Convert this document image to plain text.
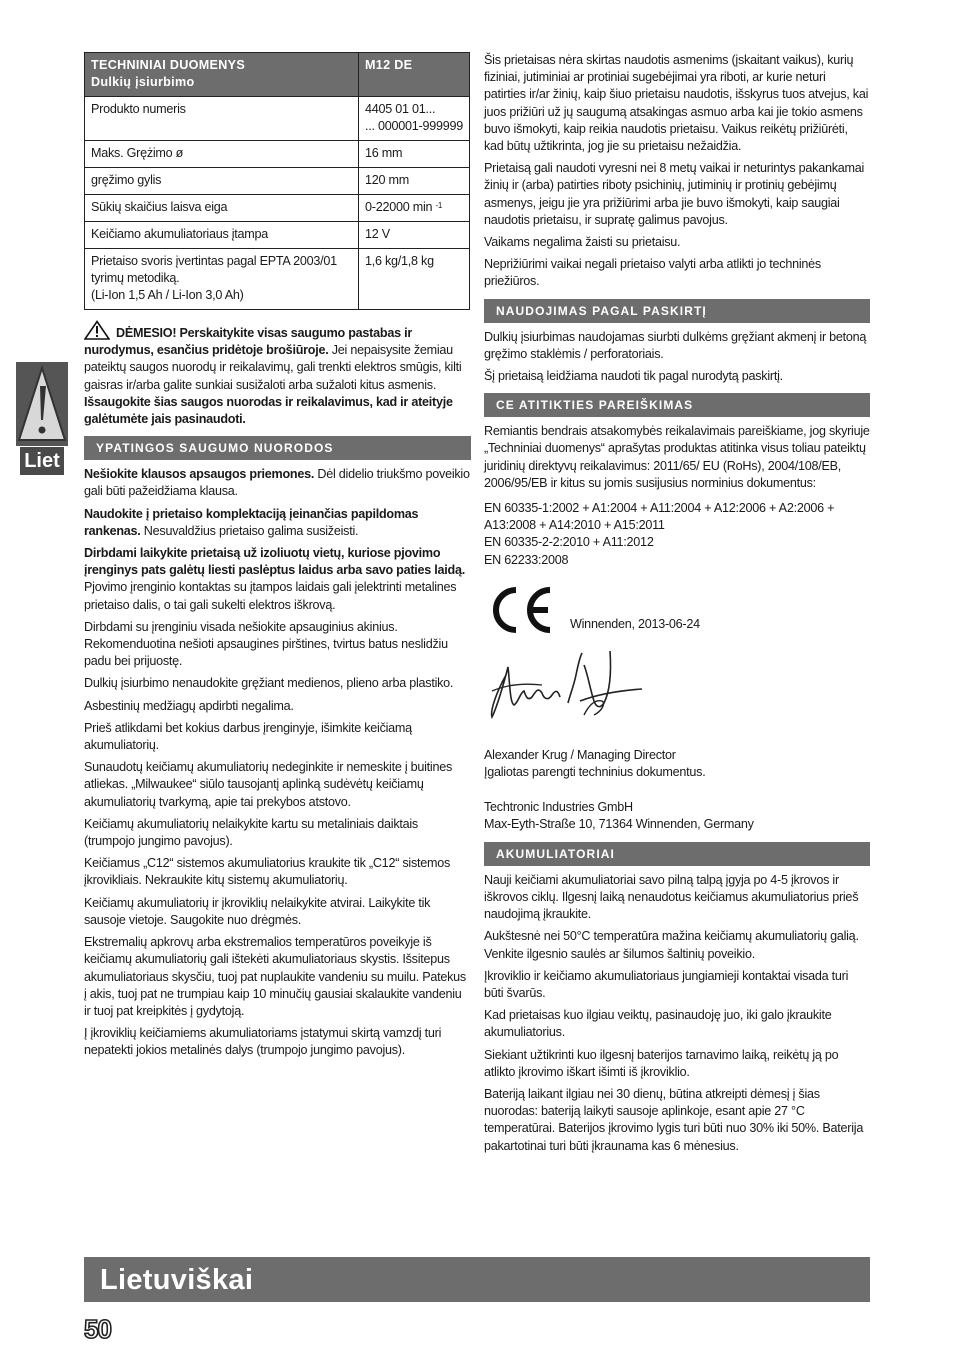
Liet
TECHNINIAI DUOMENYS
Dulkių įsiurbimo	M12 DE
Produkto numeris	4405 01 01...
... 000001-999999

Maks. Grężimo ø	16 mm
gręžimo gylis	120 mm
Sūkių skaičius laisva eiga	0-22000 min $^{-1}$
Keičiamo akumuliatoriaus įtampa	12 V

Prietaiso svoris įvertintas pagal EPTA 2003/01
tyrimų metodiką.
(Li-Ion 1,5 Ah / Li-Ion 3,0 Ah)	1,6 kg/1,8 kg

DĖMESIO! Perskaitykite visas saugumo pastabas ir nurodymus, esančius pridėtoje brošiūroje. Jei nepaisysite žemiau pateiktų saugos nuorodų ir reikalavimų, gali trenkti elektros smūgis, kilti gaisras ir/arba galite sunkiai susižaloti arba sužaloti kitus asmenis. Išsaugokite šias saugos nuorodas ir reikalavimus, kad ir ateityje galėtumėte jais pasinaudoti.

YPATINGOS SAUGUMO NUORODOS

Nešiokite klausos apsaugos priemones. Dėl didelio triukšmo poveikio gali būti pažeidžiama klausa.

Naudokite į prietaiso komplektaciją įeinančias papildomas rankenas. Nesuvaldžius prietaiso galima susižeisti.

Dirbdami laikykite prietaisą už izoliuotų vietų, kuriose pjovimo įrenginys pats galėtų liesti paslėptus laidus arba savo paties laidą. Pjovimo įrenginio kontaktas su įtampos laidais gali įelektrinti metalines prietaiso dalis, o tai gali sukelti elektros iškrovą.

Dirbdami su įrenginiu visada nešiokite apsauginius akinius. Rekomenduotina nešioti apsaugines pirštines, tvirtus batus neslidžiu padu bei prijuostę.

Dulkių įsiurbimo nenaudokite gręžiant medienos, plieno arba plastiko.

Asbestinių medžiagų apdirbti negalima.

Prieš atlikdami bet kokius darbus įrenginyje, išimkite keičiamą akumuliatorių.

Sunaudotų keičiamų akumuliatorių nedeginkite ir nemeskite į buitines atliekas. „Milwaukee“ siūlo tausojantį aplinką sudėvėtų keičiamų akumuliatorių tvarkymą, apie tai prekybos atstovo.

Keičiamų akumuliatorių nelaikykite kartu su metaliniais daiktais (trumpojo jungimo pavojus).

Keičiamus „C12“ sistemos akumuliatorius kraukite tik „C12“ sistemos įkrovikliais. Nekraukite kitų sistemų akumuliatorių.

Keičiamų akumuliatorių ir įkroviklių nelaikykite atvirai. Laikykite tik sausoje vietoje. Saugokite nuo drėgmės.

Ekstremalių apkrovų arba ekstremalios temperatūros poveikyje iš keičiamų akumuliatorių gali ištekėti akumuliatoriaus skystis. Išsitepus akumuliatoriaus skysčiu, tuoj pat nuplaukite vandeniu su muilu. Patekus į akis, tuoj pat ne trumpiau kaip 10 minučių gausiai skalaukite vandeniu ir tuoj pat kreipkitės į gydytoją.

Į įkroviklių keičiamiems akumuliatoriams įstatymui skirtą vamzdį turi nepatekti jokios metalinės dalys (trumpojo jungimo pavojus).

Šis prietaisas nėra skirtas naudotis asmenims (įskaitant vaikus), kurių fiziniai, jutiminiai ar protiniai sugebėjimai yra riboti, ar kurie neturi patirties ir/ar žinių, kaip šiuo prietaisu naudotis, išskyrus tuos atvejus, kai juos prižiūri už jų saugumą atsakingas asmuo arba kai jie tokio asmens buvo išmokyti, kaip reikia naudotis prietaisu. Vaikus reikėtų prižiūrėti, kad būtų užtikrinta, jog jie su prietaisu nežaidžia.

Prietaisą gali naudoti vyresni nei 8 metų vaikai ir neturintys pakankamai žinių ir (arba) patirties riboty psichinių, jutiminių ir protinių gebėjimų asmenys, jeigu jie yra prižiūrimi arba jie buvo išmokyti, kaip saugiai naudotis prietaisu, ir supratę galimus pavojus.

Vaikams negalima žaisti su prietaisu.

Neprižiūrimi vaikai negali prietaiso valyti arba atlikti jo techninės priežiūros.

NAUDOJIMAS PAGAL PASKIRTĮ

Dulkių įsiurbimas naudojamas siurbti dulkėms gręžiant akmenį ir betoną gręžimo staklėmis / perforatoriais.

Šį prietaisą leidžiama naudoti tik pagal nurodytą paskirtį.

CE ATITIKTIES PAREIŠKIMAS

Remiantis bendrais atsakomybės reikalavimais pareiškiame, jog skyriuje „Techniniai duomenys“ aprašytas produktas atitinka visus toliau pateiktų juridinių direktyvų reikalavimus: 2011/65/ EU (RoHs), 2004/108/EB, 2006/95/EB ir kitus su jomis susijusius norminius dokumentus:

EN 60335-1:2002 + A1:2004 + A11:2004 + A12:2006 + A2:2006 + A13:2008 + A14:2010 + A15:2011
EN 60335-2-2:2010 + A11:2012
EN 62233:2008

Winnenden, 2013-06-24

Alexander Krug / Managing Director

Įgaliotas parengti techninius dokumentus.

Techtronic Industries GmbH

Max-Eyth-Straße 10, 71364 Winnenden, Germany

AKUMULIATORIAI

Nauji keičiami akumuliatoriai savo pilną talpą įgyja po 4-5 įkrovos ir iškrovos ciklų. Ilgesnį laiką nenaudotus keičiamus akumuliatorius prieš naudojimą įkraukite.

Aukštesnė nei 50°C temperatūra mažina keičiamų akumuliatorių galią. Venkite ilgesnio saulės ar šilumos šaltinių poveikio.

Įkroviklio ir keičiamo akumuliatoriaus jungiamieji kontaktai visada turi būti švarūs.

Kad prietaisas kuo ilgiau veiktų, pasinaudoję juo, iki galo įkraukite akumuliatorius.

Siekiant užtikrinti kuo ilgesnį baterijos tarnavimo laiką, reikėtų ją po atlikto įkrovimo iškart išimti iš įkroviklio.

Bateriją laikant ilgiau nei 30 dienų, būtina atkreipti dėmesį į šias nuorodas: bateriją laikyti sausoje aplinkoje, esant apie 27 °C temperatūrai. Baterijos įkrovimo lygis turi būti nuo 30% iki 50%. Baterija pakartotinai turi būti įkraunama kas 6 mėnesius.

Lietuviškai
50
